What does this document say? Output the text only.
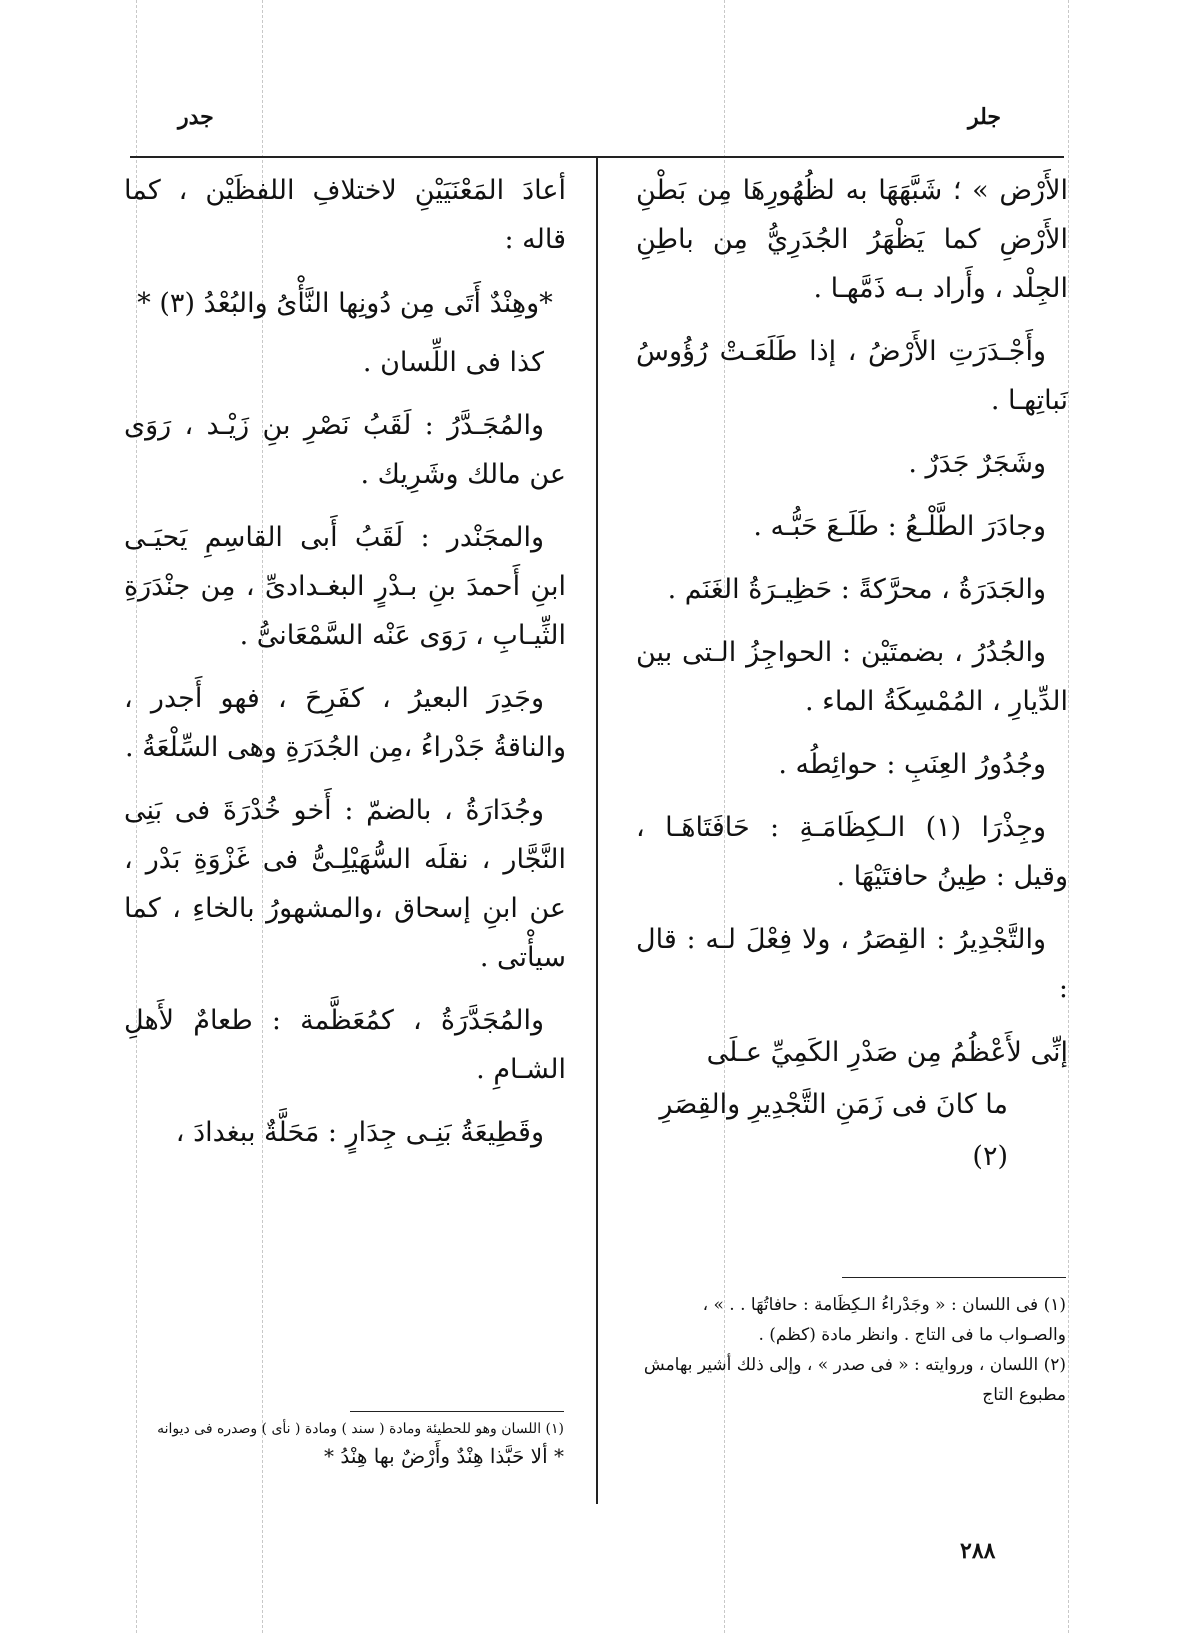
جلر
جدر

الأَرْض » ؛ شَبَّهَهَا به لظُهُورِهَا مِن بَطْنِ الأَرْضِ كما يَظْهَرُ الجُدَرِيُّ مِن باطِنِ الجِلْد ، وأَراد بـه ذَمَّهـا .

وأَجْـدَرَتِ الأَرْضُ ، إذا طَلَعَـتْ رُؤُوسُ نَباتِهـا .

وشَجَرٌ جَدَرٌ .

وجادَرَ الطَّلْـعُ : طَلَـعَ حَبُّـه .

والجَدَرَةُ ، محرَّكةً : حَظِيـرَةُ الغَنَم .

والجُدُرُ ، بضمتَيْن : الحواجِزُ الـتى بين الدِّيارِ ، المُمْسِكَةُ الماء .

وجُدُورُ العِنَبِ : حوائِطُه .

وجِذْرَا (١) الـكِظَامَـةِ : حَافَتَاهَـا ، وقيل : طِينُ حافتَيْهَا .

والتَّجْدِيرُ : القِصَرُ ، ولا فِعْلَ لـه : قال :

إنِّى لأَعْظُمُ مِن صَدْرِ الكَمِيِّ عـلَى
ما كانَ فى زَمَنِ التَّجْدِيرِ والقِصَرِ (٢)

(١) فى اللسان : « وجَدْراءُ الـكِظَامة : حافاتُهَا . . » ، والصـواب ما فى التاج . وانظر مادة (كظم) .

(٢) اللسان ، وروايته : « فى صدر » ، وإلى ذلك أشير بهامش مطبوع التاج

أعادَ المَعْنَيَيْنِ لاختلافِ اللفظَيْن ، كما قاله :

*وهِنْدٌ أَتَى مِن دُونِها النَّأْىُ والبُعْدُ (٣) *

كذا فى اللِّسان .

والمُجَـدَّرُ : لَقَبُ نَصْرِ بنِ زَيْـد ، رَوَى عن مالك وشَرِيك .

والمجَنْدر : لَقَبُ أَبى القاسِمِ يَحيَـى ابنِ أَحمدَ بنِ بـدْرٍ البغـدادىِّ ، مِن جنْدَرَةِ الثِّيـابِ ، رَوَى عَنْه السَّمْعَانىُّ .

وجَدِرَ البعيرُ ، كفَرِحَ ، فهو أَجدر ، والناقةُ جَدْراءُ ،مِن الجُدَرَةِ وهى السِّلْعَةُ .

وجُدَارَةُ ، بالضمّ : أَخو خُدْرَةَ فى بَنِى النَّجَّار ، نقلَه السُّهَيْلِـىُّ فى غَزْوَةِ بَدْر ، عن ابنِ إسحاق ،والمشهورُ بالخاءِ ، كما سيأْتى .

والمُجَدَّرَةُ ، كمُعَظَّمة : طعامٌ لأَهلِ الشـامِ .

وقَطِيعَةُ بَنِـى جِدَارٍ : مَحَلَّةٌ ببغدادَ ،

(١) اللسان وهو للحطيئة ومادة ( سند ) ومادة ( نأى ) وصدره فى ديوانه

* ألا حَبَّذا هِنْدٌ وأَرْضٌ بها هِنْدُ *

٢٨٨
